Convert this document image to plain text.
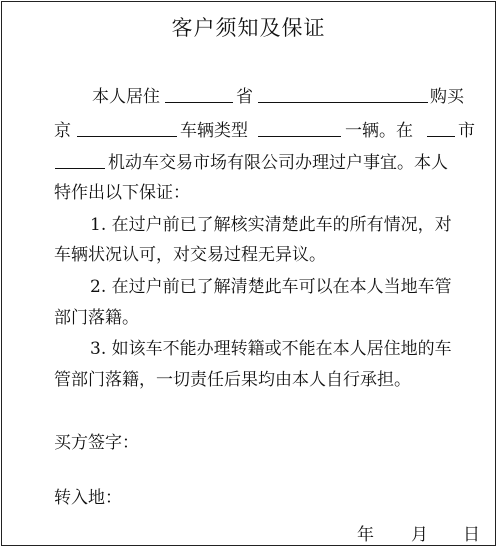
客户须知及保证
本人居住	省	购买
京	车辆类型	一辆。在	市
机动车交易市场有限公司办理过户事宜。本人
特作出以下保证：
1. 在过户前已了解核实清楚此车的所有情况，对
车辆状况认可，对交易过程无异议。
2. 在过户前已了解清楚此车可以在本人当地车管
部门落籍。
3. 如该车不能办理转籍或不能在本人居住地的车
管部门落籍，一切责任后果均由本人自行承担。
买方签字：
转入地：
年 月 日
